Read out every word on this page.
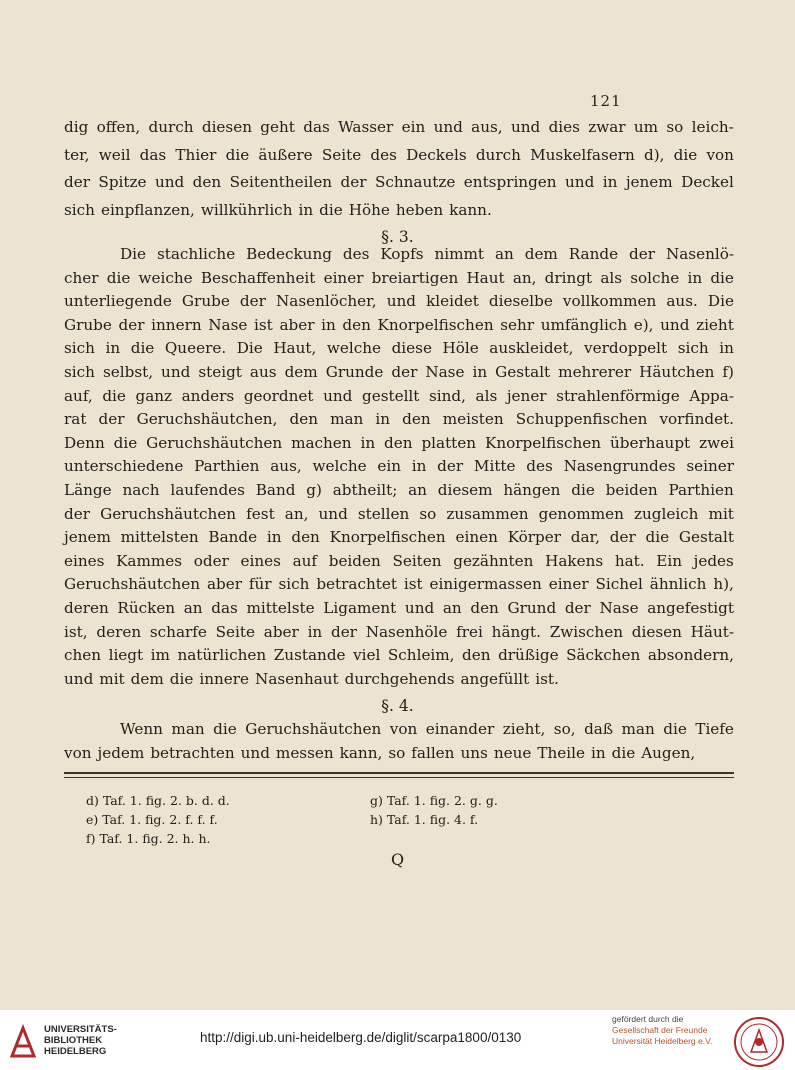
121
dig offen, durch diesen geht das Wasser ein und aus, und dies zwar um so leich-
ter, weil das Thier die äußere Seite des Deckels durch Muskelfasern d), die von
der Spitze und den Seitentheilen der Schnautze entspringen und in jenem Deckel
sich einpflanzen, willkührlich in die Höhe heben kann.
§. 3.
Die stachliche Bedeckung des Kopfs nimmt an dem Rande der Nasenlö-
cher die weiche Beschaffenheit einer breiartigen Haut an, dringt als solche in die
unterliegende Grube der Nasenlöcher, und kleidet dieselbe vollkommen aus. Die
Grube der innern Nase ist aber in den Knorpelfischen sehr umfänglich e), und zieht
sich in die Queere. Die Haut, welche diese Höle auskleidet, verdoppelt sich in
sich selbst, und steigt aus dem Grunde der Nase in Gestalt mehrerer Häutchen f)
auf, die ganz anders geordnet und gestellt sind, als jener strahlenförmige Appa-
rat der Geruchshäutchen, den man in den meisten Schuppenfischen vorfindet.
Denn die Geruchshäutchen machen in den platten Knorpelfischen überhaupt zwei
unterschiedene Parthien aus, welche ein in der Mitte des Nasengrundes seiner
Länge nach laufendes Band g) abtheilt; an diesem hängen die beiden Parthien
der Geruchshäutchen fest an, und stellen so zusammen genommen zugleich mit
jenem mittelsten Bande in den Knorpelfischen einen Körper dar, der die Gestalt
eines Kammes oder eines auf beiden Seiten gezähnten Hakens hat. Ein jedes
Geruchshäutchen aber für sich betrachtet ist einigermassen einer Sichel ähnlich h),
deren Rücken an das mittelste Ligament und an den Grund der Nase angefestigt
ist, deren scharfe Seite aber in der Nasenhöle frei hängt. Zwischen diesen Häut-
chen liegt im natürlichen Zustande viel Schleim, den drüßige Säckchen absondern,
und mit dem die innere Nasenhaut durchgehends angefüllt ist.
§. 4.
Wenn man die Geruchshäutchen von einander zieht, so, daß man die Tiefe
von jedem betrachten und messen kann, so fallen uns neue Theile in die Augen,
d) Taf. 1. fig. 2. b. d. d.
e) Taf. 1. fig. 2. f. f. f.
f) Taf. 1. fig. 2. h. h.
g) Taf. 1. fig. 2. g. g.
h) Taf. 1. fig. 4. f.
Q
UNIVERSITÄTS-
BIBLIOTHEK
HEIDELBERG
http://digi.ub.uni-heidelberg.de/diglit/scarpa1800/0130
gefördert durch die
Gesellschaft der Freunde
Universität Heidelberg e.V.
